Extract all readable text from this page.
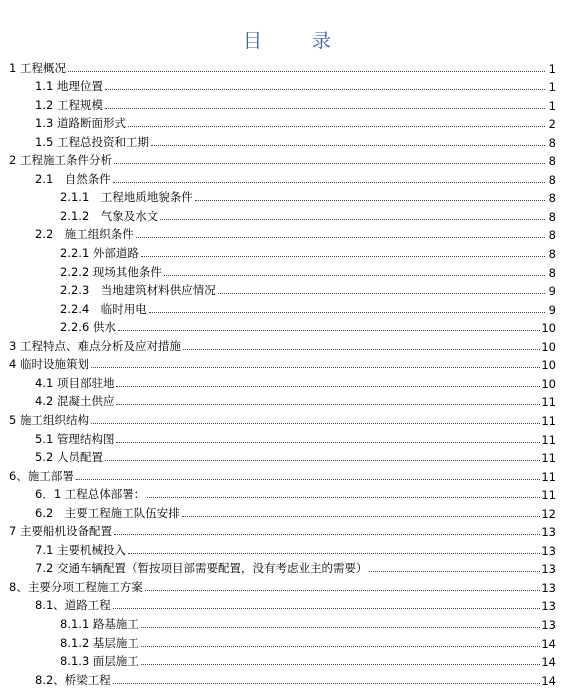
目 录
1 工程概况	1
1.1 地理位置	1
1.2 工程规模	1
1.3 道路断面形式	2
1.5 工程总投资和工期	8
2 工程施工条件分析	8
2.1　自然条件	8
2.1.1　工程地质地貌条件	8
2.1.2　气象及水文	8
2.2　施工组织条件	8
2.2.1 外部道路	8
2.2.2 现场其他条件	8
2.2.3　当地建筑材料供应情况	9
2.2.4　临时用电	9
2.2.6 供水	10
3 工程特点、难点分析及应对措施	10
4 临时设施策划	10
4.1 项目部驻地	10
4.2 混凝土供应	11
5 施工组织结构	11
5.1 管理结构图	11
5.2 人员配置	11
6、施工部署	11
6．1 工程总体部署：	11
6.2　主要工程施工队伍安排	12
7 主要船机设备配置	13
7.1 主要机械投入	13
7.2 交通车辆配置（暂按项目部需要配置，没有考虑业主的需要）	13
8、主要分项工程施工方案	13
8.1、道路工程	13
8.1.1 路基施工	13
8.1.2 基层施工	14
8.1.3 面层施工	14
8.2、桥梁工程	14
